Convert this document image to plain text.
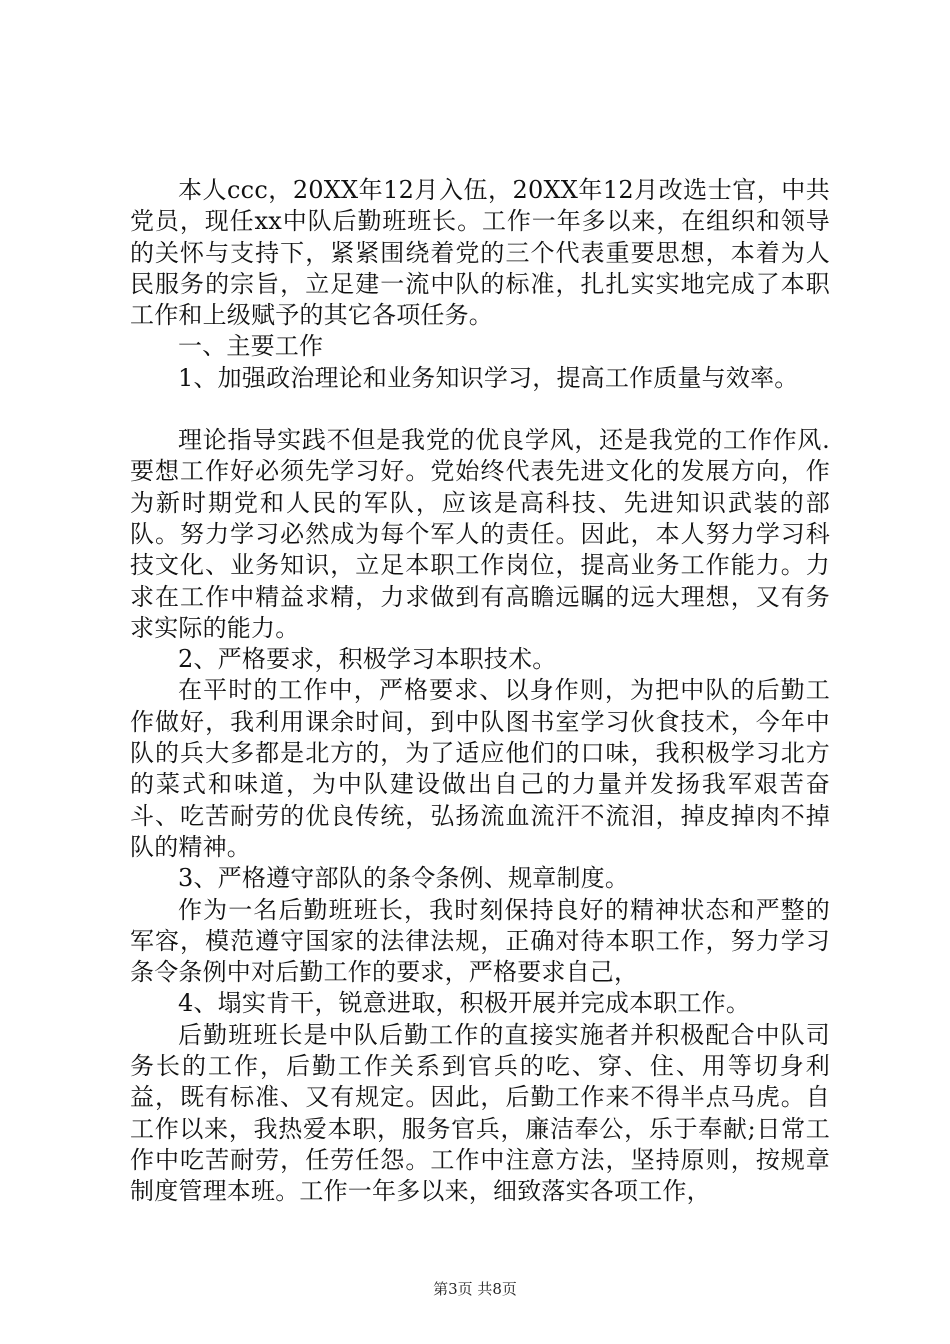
本人ccc，20XX年12月入伍，20XX年12月改选士官，中共党员，现任xx中队后勤班班长。工作一年多以来，在组织和领导的关怀与支持下，紧紧围绕着党的三个代表重要思想，本着为人民服务的宗旨，立足建一流中队的标准，扎扎实实地完成了本职工作和上级赋予的其它各项任务。

一、主要工作

1、加强政治理论和业务知识学习，提高工作质量与效率。

理论指导实践不但是我党的优良学风，还是我党的工作作风.要想工作好必须先学习好。党始终代表先进文化的发展方向，作为新时期党和人民的军队，应该是高科技、先进知识武装的部队。努力学习必然成为每个军人的责任。因此，本人努力学习科技文化、业务知识，立足本职工作岗位，提高业务工作能力。力求在工作中精益求精，力求做到有高瞻远瞩的远大理想，又有务求实际的能力。

2、严格要求，积极学习本职技术。

在平时的工作中，严格要求、以身作则，为把中队的后勤工作做好，我利用课余时间，到中队图书室学习伙食技术，今年中队的兵大多都是北方的，为了适应他们的口味，我积极学习北方的菜式和味道，为中队建设做出自己的力量并发扬我军艰苦奋斗、吃苦耐劳的优良传统，弘扬流血流汗不流泪，掉皮掉肉不掉队的精神。

3、严格遵守部队的条令条例、规章制度。

作为一名后勤班班长，我时刻保持良好的精神状态和严整的军容，模范遵守国家的法律法规，正确对待本职工作，努力学习条令条例中对后勤工作的要求，严格要求自己，

4、塌实肯干，锐意进取，积极开展并完成本职工作。

后勤班班长是中队后勤工作的直接实施者并积极配合中队司务长的工作，后勤工作关系到官兵的吃、穿、住、用等切身利益，既有标准、又有规定。因此，后勤工作来不得半点马虎。自工作以来，我热爱本职，服务官兵，廉洁奉公，乐于奉献;日常工作中吃苦耐劳，任劳任怨。工作中注意方法，坚持原则，按规章制度管理本班。工作一年多以来，细致落实各项工作，

第3页 共8页
